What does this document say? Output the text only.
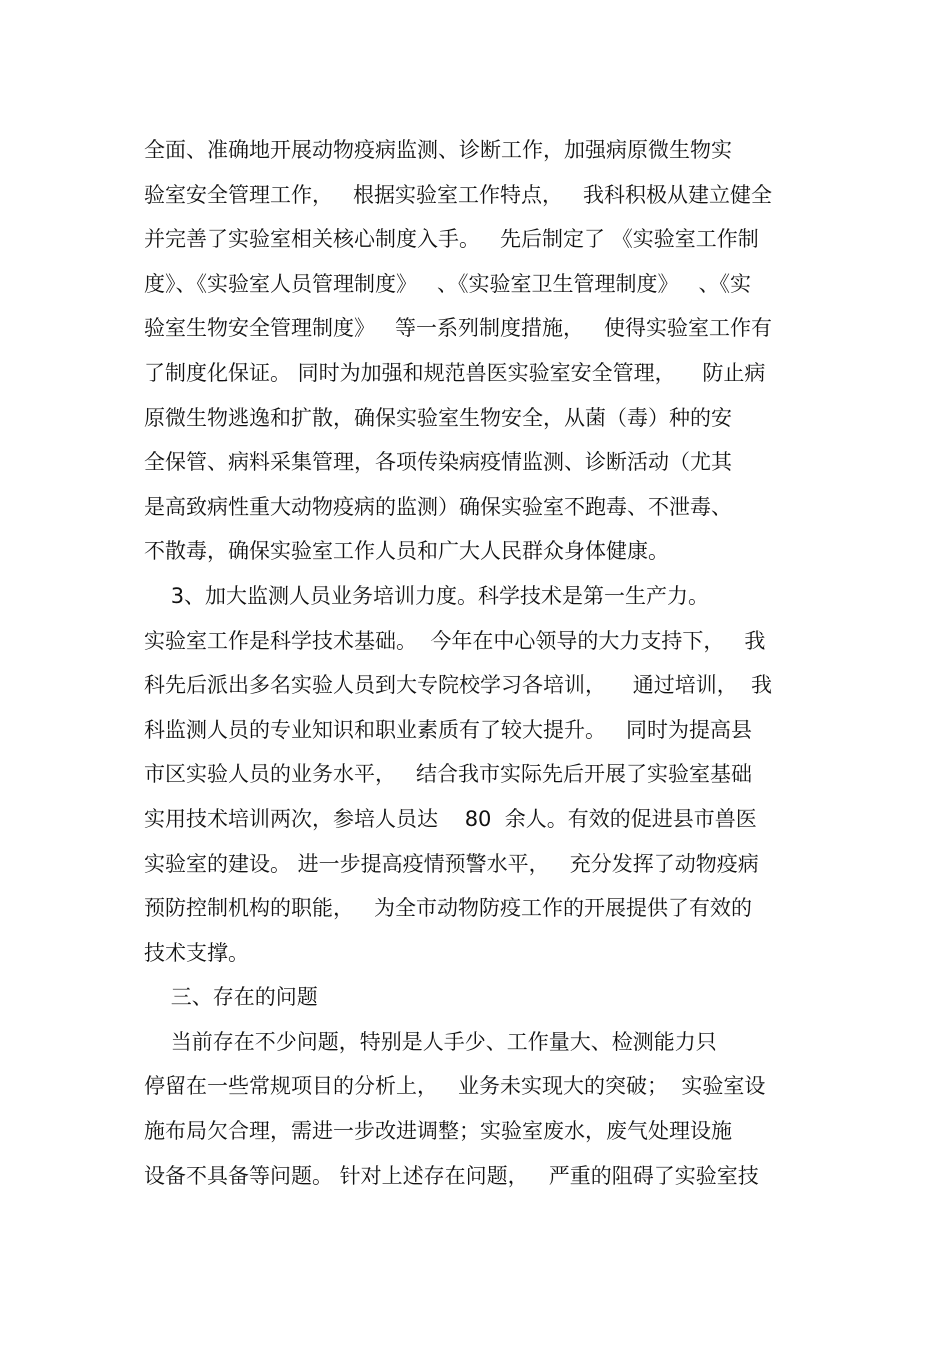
全面、准确地开展动物疫病监测、诊断工作，加强病原微生物实
验室安全管理工作，   根据实验室工作特点，   我科积极从建立健全
并完善了实验室相关核心制度入手。   先后制定了 《实验室工作制
度》、《实验室人员管理制度》   、《实验室卫生管理制度》   、《实
验室生物安全管理制度》   等一系列制度措施，   使得实验室工作有
了制度化保证。 同时为加强和规范兽医实验室安全管理，    防止病
原微生物逃逸和扩散，确保实验室生物安全，从菌（毒）种的安
全保管、病料采集管理，各项传染病疫情监测、诊断活动（尤其
是高致病性重大动物疫病的监测）确保实验室不跑毒、不泄毒、
不散毒，确保实验室工作人员和广大人民群众身体健康。
3、加大监测人员业务培训力度。科学技术是第一生产力。
实验室工作是科学技术基础。  今年在中心领导的大力支持下，   我
科先后派出多名实验人员到大专院校学习各培训，    通过培训，  我
科监测人员的专业知识和职业素质有了较大提升。   同时为提高县
市区实验人员的业务水平，   结合我市实际先后开展了实验室基础
实用技术培训两次，参培人员达    80  余人。有效的促进县市兽医
实验室的建设。 进一步提高疫情预警水平，   充分发挥了动物疫病
预防控制机构的职能，   为全市动物防疫工作的开展提供了有效的
技术支撑。
三、存在的问题
当前存在不少问题，特别是人手少、工作量大、检测能力只
停留在一些常规项目的分析上，   业务未实现大的突破；  实验室设
施布局欠合理，需进一步改进调整；实验室废水，废气处理设施
设备不具备等问题。 针对上述存在问题，   严重的阻碍了实验室技
